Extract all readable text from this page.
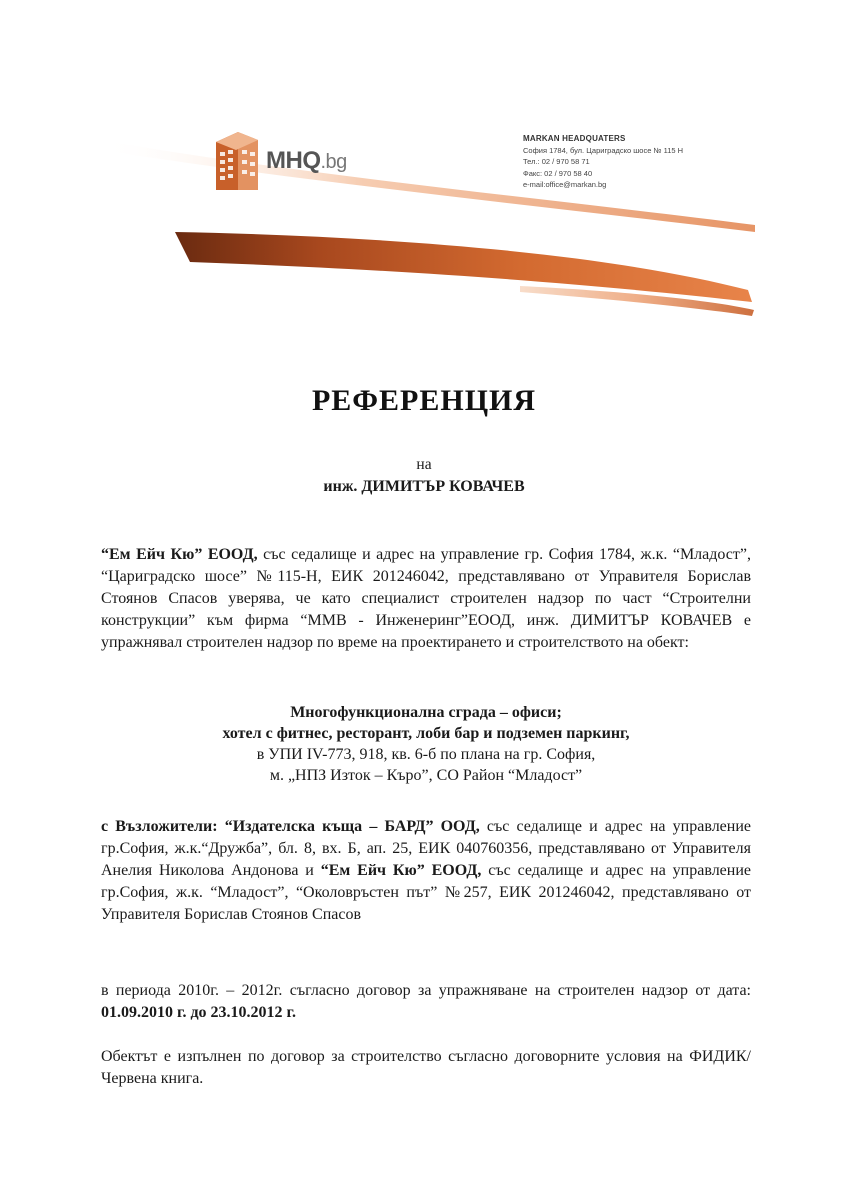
MHQ.bg
MARKAN HEADQUATERS
София 1784, бул. Цариградско шосе № 115 Н
Тел.: 02 / 970 58 71
Факс: 02 / 970 58 40
e-mail:office@markan.bg
РЕФЕРЕНЦИЯ
на
инж. ДИМИТЪР КОВАЧЕВ
“Ем Ейч Кю” ЕООД, със седалище и адрес на управление гр. София 1784, ж.к. “Младост”, “Цариградско шосе” №115-Н, ЕИК 201246042, представлявано от Управителя Борислав Стоянов Спасов уверява, че като специалист строителен надзор по част “Строителни конструкции” към фирма “ММВ - Инженеринг”ЕООД, инж. ДИМИТЪР КОВАЧЕВ е упражнявал строителен надзор по време на проектирането и строителството на обект:
Многофункционална сграда – офиси;
хотел с фитнес, ресторант, лоби бар и подземен паркинг,
в УПИ IV-773, 918, кв. 6-б по плана на гр. София,
м. „НПЗ Изток – Къро”, СО Район “Младост”
с Възложители: “Издателска къща – БАРД” ООД, със седалище и адрес на управление гр.София, ж.к.“Дружба”, бл. 8, вх. Б, ап. 25, ЕИК 040760356, представлявано от Управителя Анелия Николова Андонова и “Ем Ейч Кю” ЕООД, със седалище и адрес на управление гр.София, ж.к. “Младост”, “Околовръстен път” №257, ЕИК 201246042, представлявано от Управителя Борислав Стоянов Спасов
в периода 2010г. – 2012г. съгласно договор за упражняване на строителен надзор от дата: 01.09.2010 г. до 23.10.2012 г.
Обектът е изпълнен по договор за строителство съгласно договорните условия на ФИДИК/ Червена книга.
